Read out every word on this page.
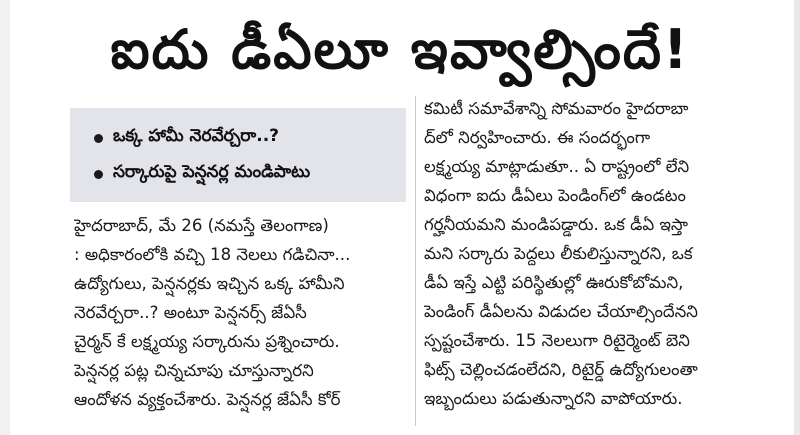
ఐదు డీఏలూ ఇవ్వాల్సిందే!
ఒక్క హామీ నెరవేర్చరా..?
సర్కారుపై పెన్షనర్ల మండిపాటు
హైదరాబాద్, మే 26 (నమస్తే తెలంగాణ)
: అధికారంలోకి వచ్చి 18 నెలలు గడిచినా...
ఉద్యోగులు, పెన్షనర్లకు ఇచ్చిన ఒక్క హామీని
నెరవేర్చరా..? అంటూ పెన్షనర్స్ జేఏసీ
చైర్మన్ కే లక్ష్మయ్య సర్కారును ప్రశ్నించారు.
పెన్షనర్ల పట్ల చిన్నచూపు చూస్తున్నారని
ఆందోళన వ్యక్తంచేశారు. పెన్షనర్ల జేఏసీ కోర్
కమిటీ సమావేశాన్ని సోమవారం హైదరాబా
ద్‌లో నిర్వహించారు. ఈ సందర్భంగా
లక్ష్మయ్య మాట్లాడుతూ.. ఏ రాష్ట్రంలో లేని
విధంగా ఐదు డీఏలు పెండింగ్‌లో ఉండటం
గర్హనీయమని మండిపడ్డారు. ఒక డీఏ ఇస్తా
మని సర్కారు పెద్దలు లీకులిస్తున్నారని, ఒక
డీఏ ఇస్తే ఎట్టి పరిస్థితుల్లో ఊరుకోబోమని,
పెండింగ్ డీఏలను విడుదల చేయాల్సిందేనని
స్పష్టంచేశారు. 15 నెలలుగా రిటైర్మెంట్ బెని
ఫిట్స్ చెల్లించడంలేదని, రిటైర్డ్ ఉద్యోగులంతా
ఇబ్బందులు పడుతున్నారని వాపోయారు.
